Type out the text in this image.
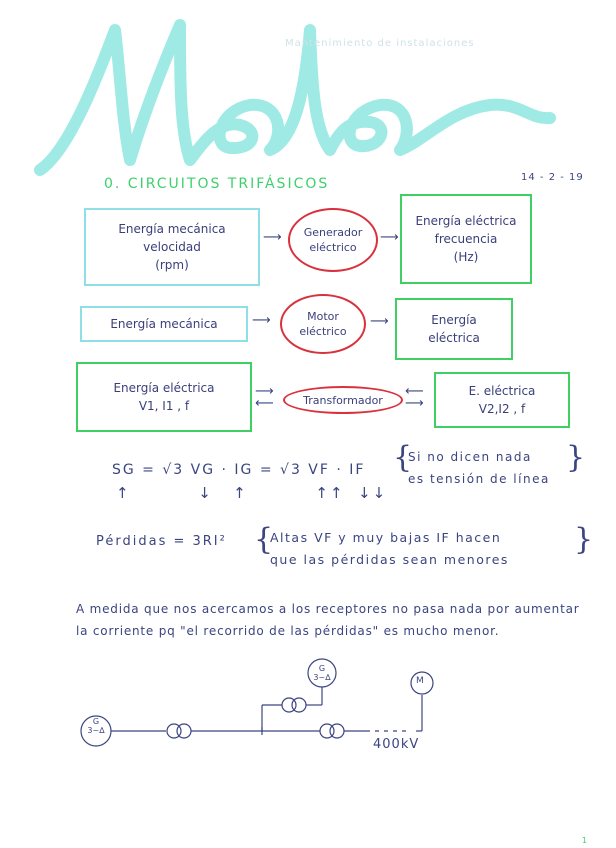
Mantenimiento de instalaciones
0. CIRCUITOS TRIFÁSICOS	14 - 2 - 19
Energía mecánica
velocidad
(rpm)
⟶	Generador
eléctrico
⟶
Energía eléctrica
frecuencia
(Hz)
Energía mecánica	⟶	Motor
eléctrico
⟶	Energía
eléctrica
Energía eléctrica
V1, I1 , f
⟶
⟵	Transformador
⟵
⟶
E. eléctrica
V2,I2 , f
SG = √3 VG · IG = √3 VF · IF
↑          ↓   ↑          ↑↑  ↓↓
{
Si no dicen nada
es tensión de línea
}
Pérdidas = 3RI² {
Altas VF y muy bajas IF hacen
que las pérdidas sean menores
}
A medida que nos acercamos a los receptores no pasa nada por aumentar la corriente pq "el recorrido de las pérdidas" es mucho menor.
G
3~∆
G
3~∆	M
400kV
1
